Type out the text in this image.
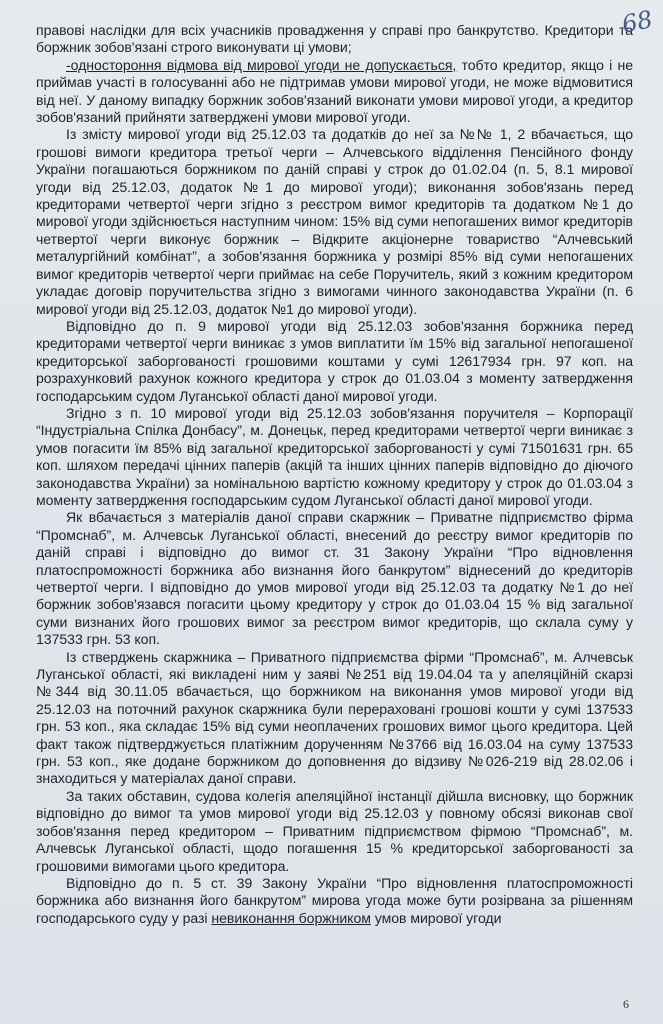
68

правові наслідки для всіх учасників провадження у справі про банкрутство. Кредитори та боржник зобов'язані строго виконувати ці умови;

-одностороння відмова від мирової угоди не допускається, тобто кредитор, якщо і не приймав участі в голосуванні або не підтримав умови мирової угоди, не може відмовитися від неї. У даному випадку боржник зобов'язаний виконати умови мирової угоди, а кредитор зобов'язаний прийняти затверджені умови мирової угоди.

Із змісту мирової угоди від 25.12.03 та додатків до неї за №№ 1, 2 вбачається, що грошові вимоги кредитора третьої черги – Алчевського відділення Пенсійного фонду України погашаються боржником по даній справі у строк до 01.02.04 (п. 5, 8.1 мирової угоди від 25.12.03, додаток №1 до мирової угоди); виконання зобов'язань перед кредиторами четвертої черги згідно з реєстром вимог кредиторів та додатком №1 до мирової угоди здійснюється наступним чином: 15% від суми непогашених вимог кредиторів четвертої черги виконує боржник – Відкрите акціонерне товариство “Алчевський металургійний комбінат”, а зобов'язання боржника у розмірі 85% від суми непогашених вимог кредиторів четвертої черги приймає на себе Поручитель, який з кожним кредитором укладає договір поручительства згідно з вимогами чинного законодавства України (п. 6 мирової угоди від 25.12.03, додаток №1 до мирової угоди).

Відповідно до п. 9 мирової угоди від 25.12.03 зобов'язання боржника перед кредиторами четвертої черги виникає з умов виплатити їм 15% від загальної непогашеної кредиторської заборгованості грошовими коштами у сумі 12617934 грн. 97 коп. на розрахунковий рахунок кожного кредитора у строк до 01.03.04 з моменту затвердження господарським судом Луганської області даної мирової угоди.

Згідно з п. 10 мирової угоди від 25.12.03 зобов'язання поручителя – Корпорації “Індустріальна Спілка Донбасу”, м. Донецьк, перед кредиторами четвертої черги виникає з умов погасити їм 85% від загальної кредиторської заборгованості у сумі 71501631 грн. 65 коп. шляхом передачі цінних паперів (акцій та інших цінних паперів відповідно до діючого законодавства України) за номінальною вартістю кожному кредитору у строк до 01.03.04 з моменту затвердження господарським судом Луганської області даної мирової угоди.

Як вбачається з матеріалів даної справи скаржник – Приватне підприємство фірма “Промснаб”, м. Алчевськ Луганської області, внесений до реєстру вимог кредиторів по даній справі і відповідно до вимог ст. 31 Закону України “Про відновлення платоспроможності боржника або визнання його банкрутом” віднесений до кредиторів четвертої черги. І відповідно до умов мирової угоди від 25.12.03 та додатку №1 до неї боржник зобов'язався погасити цьому кредитору у строк до 01.03.04 15 % від загальної суми визнаних його грошових вимог за реєстром вимог кредиторів, що склала суму у 137533 грн. 53 коп.

Із стверджень скаржника – Приватного підприємства фірми “Промснаб”, м. Алчевськ Луганської області, які викладені ним у заяві №251 від 19.04.04 та у апеляційній скарзі №344 від 30.11.05 вбачається, що боржником на виконання умов мирової угоди від 25.12.03 на поточний рахунок скаржника були перераховані грошові кошти у сумі 137533 грн. 53 коп., яка складає 15% від суми неоплачених грошових вимог цього кредитора. Цей факт також підтверджується платіжним дорученням №3766 від 16.03.04 на суму 137533 грн. 53 коп., яке додане боржником до доповнення до відзиву №026-219 від 28.02.06 і знаходиться у матеріалах даної справи.

За таких обставин, судова колегія апеляційної інстанції дійшла висновку, що боржник відповідно до вимог та умов мирової угоди від 25.12.03 у повному обсязі виконав свої зобов'язання перед кредитором – Приватним підприємством фірмою “Промснаб”, м. Алчевськ Луганської області, щодо погашення 15 % кредиторської заборгованості за грошовими вимогами цього кредитора.

Відповідно до п. 5 ст. 39 Закону України “Про відновлення платоспроможності боржника або визнання його банкрутом” мирова угода може бути розірвана за рішенням господарського суду у разі невиконання боржником умов мирової угоди

6
